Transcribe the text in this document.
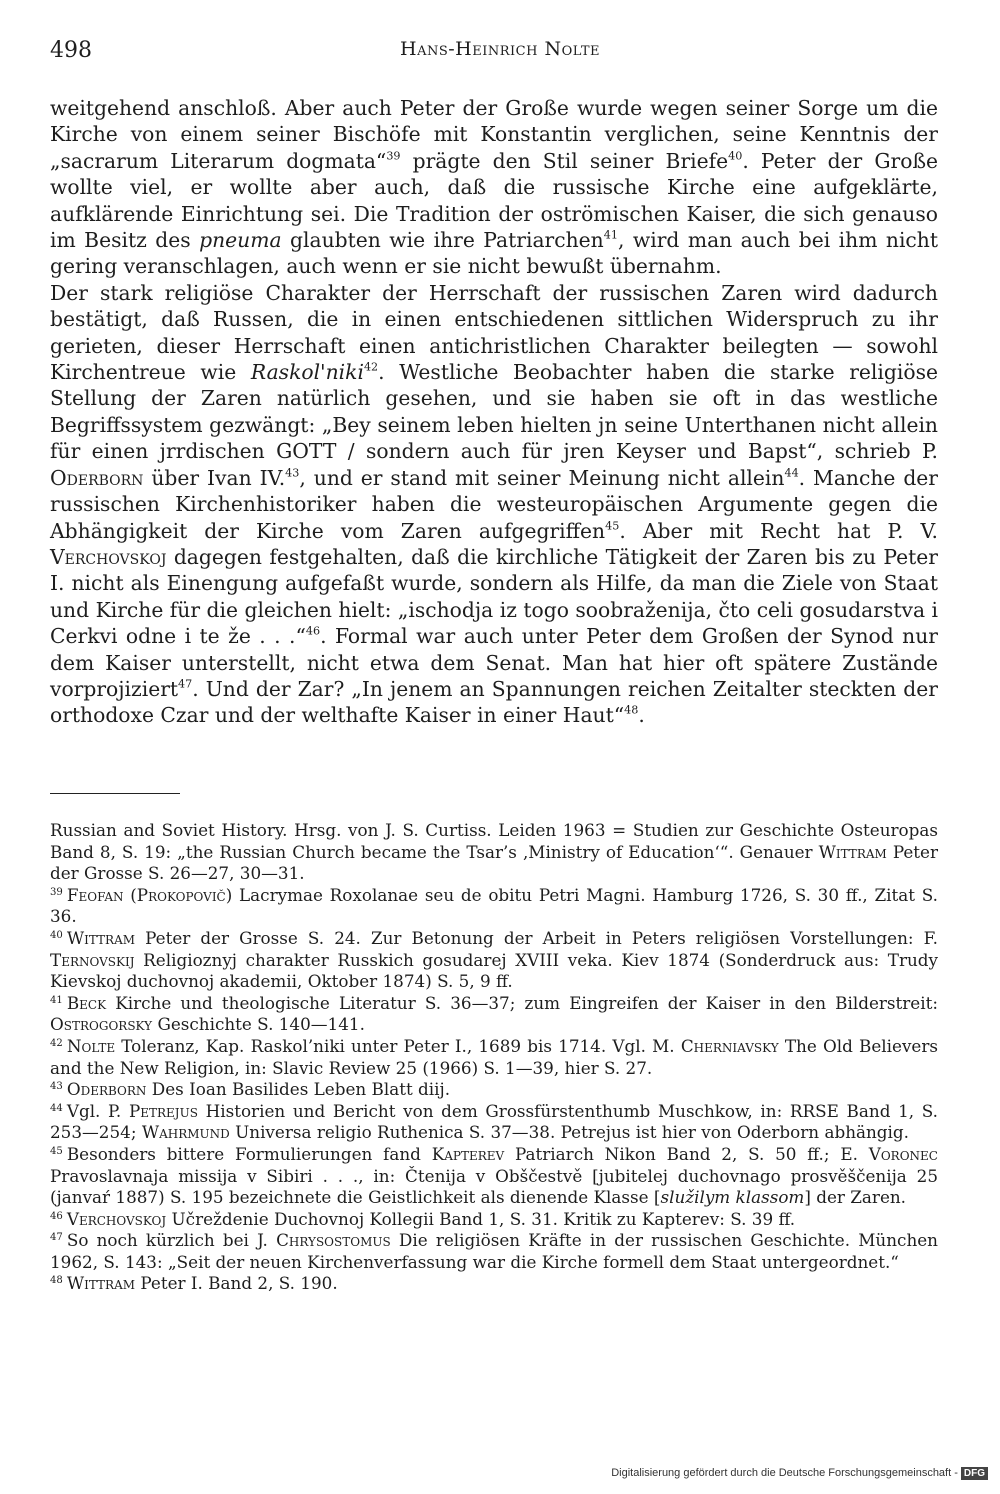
498	Hans-Heinrich Nolte

weitgehend anschloß. Aber auch Peter der Große wurde wegen seiner Sorge um die Kirche von einem seiner Bischöfe mit Konstantin verglichen, seine Kenntnis der „sacrarum Literarum dogmata“$^{39}$ prägte den Stil seiner Briefe$^{40}$. Peter der Große wollte viel, er wollte aber auch, daß die russische Kirche eine aufgeklärte, aufklärende Einrichtung sei. Die Tradition der oströmischen Kaiser, die sich genauso im Besitz des pneuma glaubten wie ihre Patriarchen$^{41}$, wird man auch bei ihm nicht gering veranschlagen, auch wenn er sie nicht bewußt übernahm.

Der stark religiöse Charakter der Herrschaft der russischen Zaren wird dadurch bestätigt, daß Russen, die in einen entschiedenen sittlichen Widerspruch zu ihr gerieten, dieser Herrschaft einen antichristlichen Charakter beilegten — sowohl Kirchentreue wie Raskol'niki$^{42}$. Westliche Beobachter haben die starke religiöse Stellung der Zaren natürlich gesehen, und sie haben sie oft in das westliche Begriffssystem gezwängt: „Bey seinem leben hielten jn seine Unterthanen nicht allein für einen jrrdischen GOTT / sondern auch für jren Keyser und Bapst“, schrieb P. Oderborn über Ivan IV.$^{43}$, und er stand mit seiner Meinung nicht allein$^{44}$. Manche der russischen Kirchenhistoriker haben die westeuropäischen Argumente gegen die Abhängigkeit der Kirche vom Zaren aufgegriffen$^{45}$. Aber mit Recht hat P. V. Verchovskoj dagegen festgehalten, daß die kirchliche Tätigkeit der Zaren bis zu Peter I. nicht als Einengung aufgefaßt wurde, sondern als Hilfe, da man die Ziele von Staat und Kirche für die gleichen hielt: „ischodja iz togo soobraženija, čto celi gosudarstva i Cerkvi odne i te že . . .“$^{46}$. Formal war auch unter Peter dem Großen der Synod nur dem Kaiser unterstellt, nicht etwa dem Senat. Man hat hier oft spätere Zustände vorprojiziert$^{47}$. Und der Zar? „In jenem an Spannungen reichen Zeitalter steckten der orthodoxe Czar und der welthafte Kaiser in einer Haut“$^{48}$.

Russian and Soviet History. Hrsg. von J. S. Curtiss. Leiden 1963 = Studien zur Geschichte Osteuropas Band 8, S. 19: „the Russian Church became the Tsar’s ‚Ministry of Education‘“. Genauer Wittram Peter der Grosse S. 26—27, 30—31.

$^{39}$ Feofan (Prokopovič) Lacrymae Roxolanae seu de obitu Petri Magni. Hamburg 1726, S. 30 ff., Zitat S. 36.

$^{40}$ Wittram Peter der Grosse S. 24. Zur Betonung der Arbeit in Peters religiösen Vorstellungen: F. Ternovskij Religioznyj charakter Russkich gosudarej XVIII veka. Kiev 1874 (Sonderdruck aus: Trudy Kievskoj duchovnoj akademii, Oktober 1874) S. 5, 9 ff.

$^{41}$ Beck Kirche und theologische Literatur S. 36—37; zum Eingreifen der Kaiser in den Bilderstreit: Ostrogorsky Geschichte S. 140—141.

$^{42}$ Nolte Toleranz, Kap. Raskol’niki unter Peter I., 1689 bis 1714. Vgl. M. Cherniavsky The Old Believers and the New Religion, in: Slavic Review 25 (1966) S. 1—39, hier S. 27.

$^{43}$ Oderborn Des Ioan Basilides Leben Blatt diij.

$^{44}$ Vgl. P. Petrejus Historien und Bericht von dem Grossfürstenthumb Muschkow, in: RRSE Band 1, S. 253—254; Wahrmund Universa religio Ruthenica S. 37—38. Petrejus ist hier von Oderborn abhängig.

$^{45}$ Besonders bittere Formulierungen fand Kapterev Patriarch Nikon Band 2, S. 50 ff.; E. Voronec Pravoslavnaja missija v Sibiri . . ., in: Čtenija v Obščestvě [jubitelej duchovnago prosvěščenija 25 (janvaŕ 1887) S. 195 bezeichnete die Geistlichkeit als dienende Klasse [služilym klassom] der Zaren.

$^{46}$ Verchovskoj Učreždenie Duchovnoj Kollegii Band 1, S. 31. Kritik zu Kapterev: S. 39 ff.

$^{47}$ So noch kürzlich bei J. Chrysostomus Die religiösen Kräfte in der russischen Geschichte. München 1962, S. 143: „Seit der neuen Kirchenverfassung war die Kirche formell dem Staat untergeordnet.“

$^{48}$ Wittram Peter I. Band 2, S. 190.

Digitalisierung gefördert durch die Deutsche Forschungsgemeinschaft - DFG
